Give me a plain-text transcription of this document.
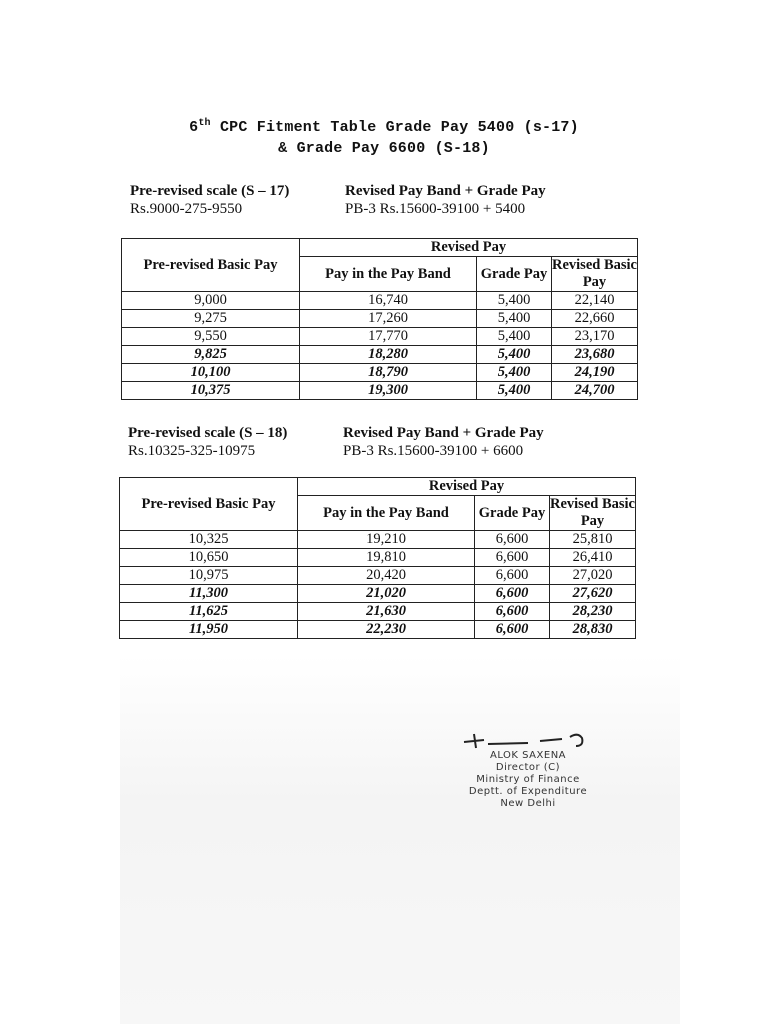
6th CPC Fitment Table Grade Pay 5400 (s-17)
& Grade Pay 6600 (S-18)
Pre-revised scale (S – 17)
Rs.9000-275-9550
Revised Pay Band + Grade Pay
PB-3 Rs.15600-39100 + 5400
Pre-revised Basic Pay	Revised Pay		
	Pay in the Pay Band	Grade Pay	Revised Basic Pay
9,000	16,740	5,400	22,140
9,275	17,260	5,400	22,660
9,550	17,770	5,400	23,170
9,825	18,280	5,400	23,680
10,100	18,790	5,400	24,190
10,375	19,300	5,400	24,700
Pre-revised scale (S – 18)
Rs.10325-325-10975
Revised Pay Band + Grade Pay
PB-3 Rs.15600-39100 + 6600
Pre-revised Basic Pay	Revised Pay		
	Pay in the Pay Band	Grade Pay	Revised Basic Pay
10,325	19,210	6,600	25,810
10,650	19,810	6,600	26,410
10,975	20,420	6,600	27,020
11,300	21,020	6,600	27,620
11,625	21,630	6,600	28,230
11,950	22,230	6,600	28,830
ALOK SAXENA
Director (C)
Ministry of Finance
Deptt. of Expenditure
New Delhi
